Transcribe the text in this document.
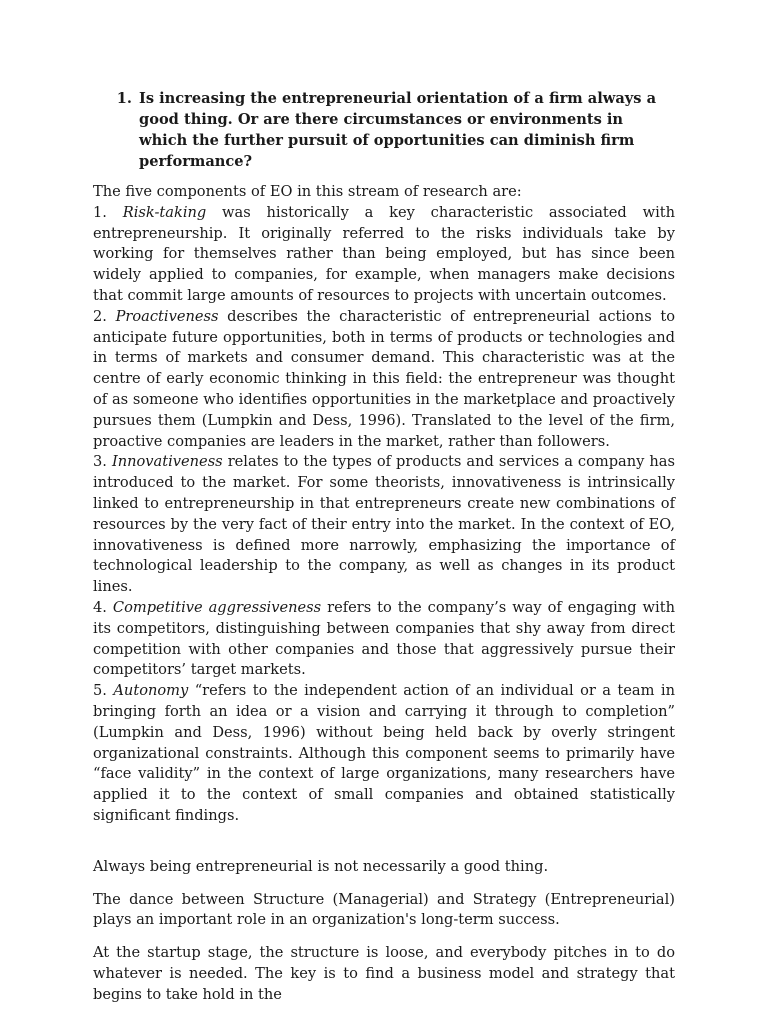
1. Is increasing the entrepreneurial orientation of a firm always a good thing. Or are there circumstances or environments in which the further pursuit of opportunities can diminish firm performance?

The five components of EO in this stream of research are:

1. Risk-taking was historically a key characteristic associated with entrepreneurship. It originally referred to the risks individuals take by working for themselves rather than being employed, but has since been widely applied to companies, for example, when managers make decisions that commit large amounts of resources to projects with uncertain outcomes.

2. Proactiveness describes the characteristic of entrepreneurial actions to anticipate future opportunities, both in terms of products or technologies and in terms of markets and consumer demand. This characteristic was at the centre of early economic thinking in this field: the entrepreneur was thought of as someone who identifies opportunities in the marketplace and proactively pursues them (Lumpkin and Dess, 1996). Translated to the level of the firm, proactive companies are leaders in the market, rather than followers.

3. Innovativeness relates to the types of products and services a company has introduced to the market. For some theorists, innovativeness is intrinsically linked to entrepreneurship in that entrepreneurs create new combinations of resources by the very fact of their entry into the market. In the context of EO, innovativeness is defined more narrowly, emphasizing the importance of technological leadership to the company, as well as changes in its product lines.

4. Competitive aggressiveness refers to the company’s way of engaging with its competitors, distinguishing between companies that shy away from direct competition with other companies and those that aggressively pursue their competitors’ target markets.

5. Autonomy “refers to the independent action of an individual or a team in bringing forth an idea or a vision and carrying it through to completion” (Lumpkin and Dess, 1996) without being held back by overly stringent organizational constraints. Although this component seems to primarily have “face validity” in the context of large organizations, many researchers have applied it to the context of small companies and obtained statistically significant findings.

Always being entrepreneurial is not necessarily a good thing.

The dance between Structure (Managerial) and Strategy (Entrepreneurial) plays an important role in an organization's long-term success.

At the startup stage, the structure is loose, and everybody pitches in to do whatever is needed. The key is to find a business model and strategy that begins to take hold in the
